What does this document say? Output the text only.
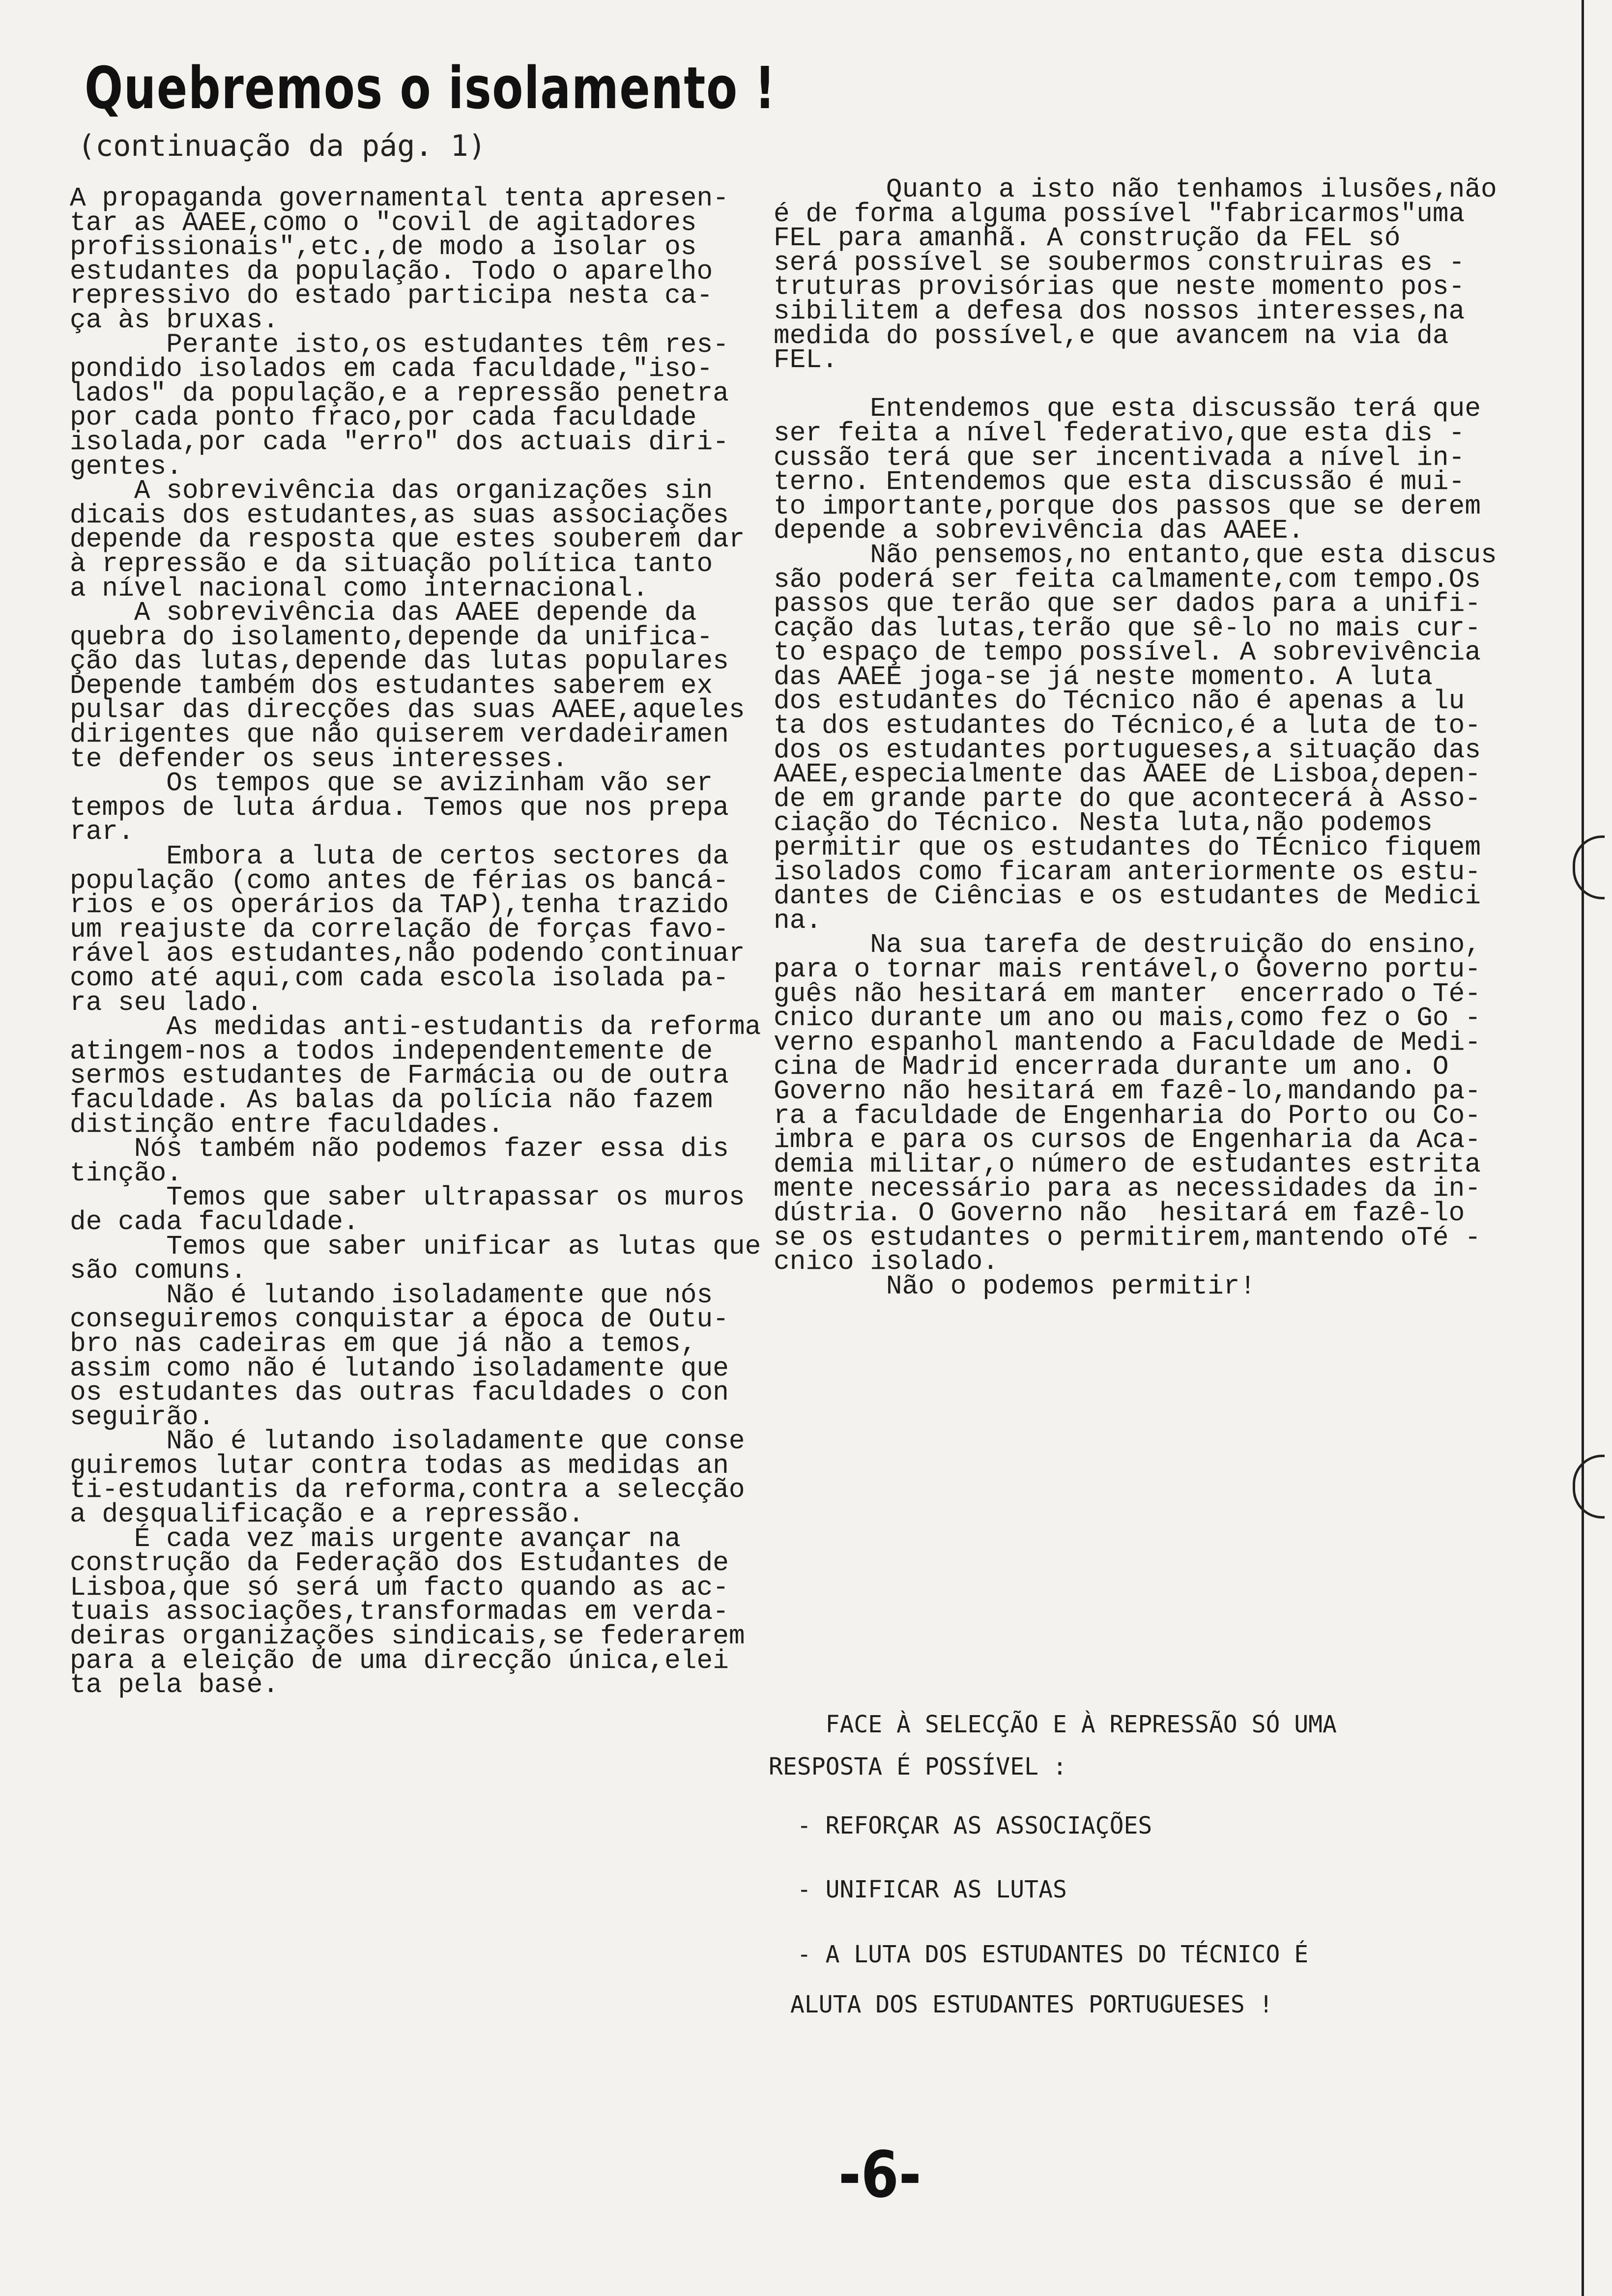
Quebremos o isolamento !
(continuação da pág. 1)
A propaganda governamental tenta apresen-
tar as AAEE,como o "covil de agitadores
profissionais",etc.,de modo a isolar os
estudantes da população. Todo o aparelho
repressivo do estado participa nesta ca-
ça às bruxas.
Perante isto,os estudantes têm res-
pondido isolados em cada faculdade,"iso-
lados" da população,e a repressão penetra
por cada ponto fraco,por cada faculdade
isolada,por cada "erro" dos actuais diri-
gentes.
A sobrevivência das organizações sin
dicais dos estudantes,as suas associações
depende da resposta que estes souberem dar
à repressão e da situação política tanto
a nível nacional como internacional.
A sobrevivência das AAEE depende da
quebra do isolamento,depende da unifica-
ção das lutas,depende das lutas populares
Depende também dos estudantes saberem ex
pulsar das direcções das suas AAEE,aqueles
dirigentes que não quiserem verdadeiramen
te defender os seus interesses.
Os tempos que se avizinham vão ser
tempos de luta árdua. Temos que nos prepa
rar.
Embora a luta de certos sectores da
população (como antes de férias os bancá-
rios e os operários da TAP),tenha trazido
um reajuste da correlação de forças favo-
rável aos estudantes,não podendo continuar
como até aqui,com cada escola isolada pa-
ra seu lado.
As medidas anti-estudantis da reforma
atingem-nos a todos independentemente de
sermos estudantes de Farmácia ou de outra
faculdade. As balas da polícia não fazem
distinção entre faculdades.
Nós também não podemos fazer essa dis
tinção.
Temos que saber ultrapassar os muros
de cada faculdade.
Temos que saber unificar as lutas que
são comuns.
Não é lutando isoladamente que nós
conseguiremos conquistar a época de Outu-
bro nas cadeiras em que já não a temos,
assim como não é lutando isoladamente que
os estudantes das outras faculdades o con
seguirão.
Não é lutando isoladamente que conse
guiremos lutar contra todas as medidas an
ti-estudantis da reforma,contra a selecção
a desqualificação e a repressão.
É cada vez mais urgente avançar na
construção da Federação dos Estudantes de
Lisboa,que só será um facto quando as ac-
tuais associações,transformadas em verda-
deiras organizações sindicais,se federarem
para a eleição de uma direcção única,elei
ta pela base.
Quanto a isto não tenhamos ilusões,não
é de forma alguma possível "fabricarmos"uma
FEL para amanhã. A construção da FEL só
será possível se soubermos construiras es -
truturas provisórias que neste momento pos-
sibilitem a defesa dos nossos interesses,na
medida do possível,e que avancem na via da
FEL.
Entendemos que esta discussão terá que
ser feita a nível federativo,que esta dis -
cussão terá que ser incentivada a nível in-
terno. Entendemos que esta discussão é mui-
to importante,porque dos passos que se derem
depende a sobrevivência das AAEE.
Não pensemos,no entanto,que esta discus
são poderá ser feita calmamente,com tempo.Os
passos que terão que ser dados para a unifi-
cação das lutas,terão que sê-lo no mais cur-
to espaço de tempo possível. A sobrevivência
das AAEE joga-se já neste momento. A luta
dos estudantes do Técnico não é apenas a lu
ta dos estudantes do Técnico,é a luta de to-
dos os estudantes portugueses,a situação das
AAEE,especialmente das AAEE de Lisboa,depen-
de em grande parte do que acontecerá à Asso-
ciação do Técnico. Nesta luta,não podemos
permitir que os estudantes do TÉcnico fiquem
isolados como ficaram anteriormente os estu-
dantes de Ciências e os estudantes de Medici
na.
Na sua tarefa de destruição do ensino,
para o tornar mais rentável,o Governo portu-
guês não hesitará em manter  encerrado o Té-
cnico durante um ano ou mais,como fez o Go -
verno espanhol mantendo a Faculdade de Medi-
cina de Madrid encerrada durante um ano. O
Governo não hesitará em fazê-lo,mandando pa-
ra a faculdade de Engenharia do Porto ou Co-
imbra e para os cursos de Engenharia da Aca-
demia militar,o número de estudantes estrita
mente necessário para as necessidades da in-
dústria. O Governo não  hesitará em fazê-lo
se os estudantes o permitirem,mantendo oTé -
cnico isolado.
Não o podemos permitir!
FACE À SELECÇÃO E À REPRESSÃO SÓ UMA
RESPOSTA É POSSÍVEL :
- REFORÇAR AS ASSOCIAÇÕES
- UNIFICAR AS LUTAS
- A LUTA DOS ESTUDANTES DO TÉCNICO É
ALUTA DOS ESTUDANTES PORTUGUESES !
-6-
